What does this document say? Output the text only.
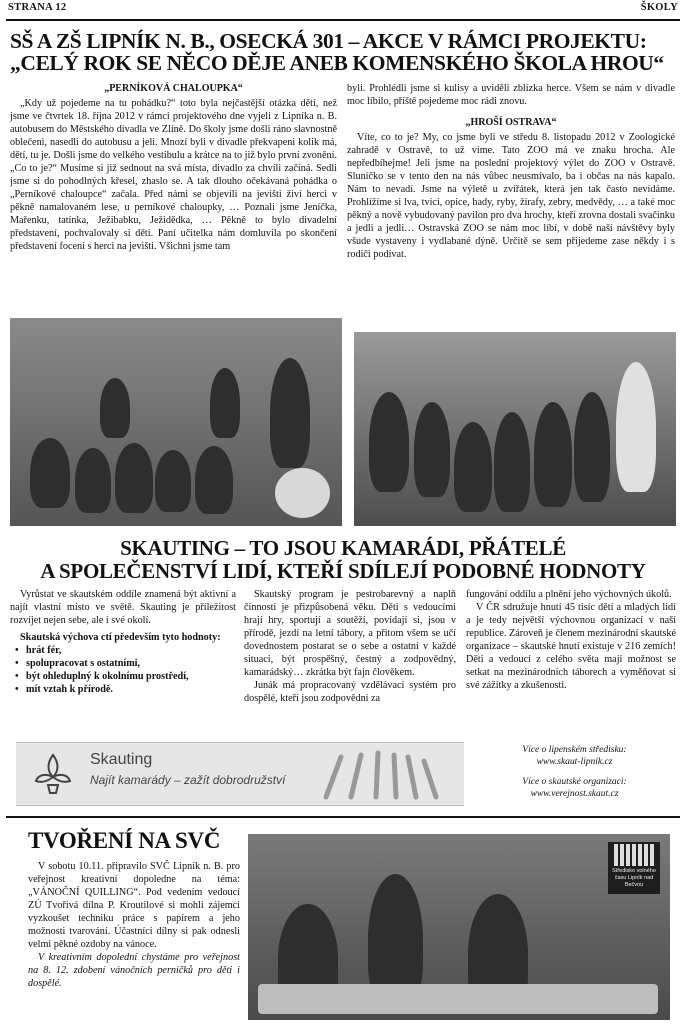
STRANA 12	ŠKOLY
SŠ A ZŠ LIPNÍK N. B., OSECKÁ 301 – AKCE V RÁMCI PROJEKTU:
„CELÝ ROK SE NĚCO DĚJE ANEB KOMENSKÉHO ŠKOLA HROU“
„PERNÍKOVÁ CHALOUPKA“

„Kdy už pojedeme na tu pohádku?“ toto byla nejčastější otázka dětí, než jsme ve čtvrtek 18. října 2012 v rámci projektového dne vyjeli z Lipníka n. B. autobusem do Městského divadla ve Zlíně. Do školy jsme došli ráno slavnostně oblečeni, nasedli do autobusu a jeli. Mnozí byli v divadle překvapeni kolik má, dětí, tu je. Došli jsme do velkého vestibulu a krátce na to již bylo první zvonění. „Co to je?“ Musíme si již sednout na svá místa, divadlo za chvíli začíná. Sedli jsme si do pohodlných křesel, zhaslo se. A tak dlouho očekávaná pohádka o „Perníkové chaloupce“ začala. Před námi se objevili na jevišti živí herci v pěkně namalovaném lese, u perníkové chaloupky, … Poznali jsme Jeníčka, Mařenku, tatínka, Ježibabku, Ježidědka, … Pěkně to bylo divadelní představení, pochvalovaly si děti. Paní učitelka nám domluvila po skončení představení focení s herci na jevišti. Všichni jsme tam

byli. Prohlédli jsme si kulisy a uviděli zblízka herce. Všem se nám v divadle moc líbilo, příště pojedeme moc rádi znovu.

„HROŠÍ OSTRAVA“

Víte, co to je? My, co jsme byli ve středu 8. listopadu 2012 v Zoologické zahradě v Ostravě, to už víme. Tato ZOO má ve znaku hrocha. Ale nepředbíhejme! Jeli jsme na poslední projektový výlet do ZOO v Ostravě. Sluníčko se v tento den na nás vůbec neusmívalo, ba i občas na nás kapalo. Nám to nevadí. Jsme na výletě u zvířátek, která jen tak často nevídáme. Prohlížíme si lva, tvíci, opice, hady, ryby, žirafy, zebry, medvědy, … a také moc pěkný a nově vybudovaný pavilon pro dva hrochy, kteří zrovna dostali svačinku a jedli a jedli… Ostravská ZOO se nám moc líbí, v době naší návštěvy byly všude vystaveny i vydlabané dýně. Určitě se sem přijedeme zase někdy i s rodiči podívat.

SKAUTING – TO JSOU KAMARÁDI, PŘÁTELÉ
A SPOLEČENSTVÍ LIDÍ, KTEŘÍ SDÍLEJÍ PODOBNÉ HODNOTY

Vyrůstat ve skautském oddíle znamená být aktivní a najít vlastní místo ve světě. Skauting je příležitost rozvíjet nejen sebe, ale i své okolí.

Skautská výchova ctí především tyto hodnoty:

• hrát fér,
• spolupracovat s ostatními,
• být ohleduplný k okolnímu prostředí,
• mít vztah k přírodě.

Skautský program je pestrobarevný a naplň činností je přizpůsobená věku. Děti s vedoucími hrají hry, sportují a soutěží, povídají si, jsou v přírodě, jezdí na letní tábory, a přitom všem se učí dovednostem postarat se o sebe a ostatní v každé situaci, být prospěšný, čestný a zodpovědný, kamarádský… zkrátka být fajn člověkem.

Junák má propracovaný vzdělávací systém pro dospělé, kteří jsou zodpovědní za

fungování oddílu a plnění jeho výchovných úkolů.

V ČR sdružuje hnutí 45 tisíc dětí a mladých lidí a je tedy největší výchovnou organizací v naší republice. Zároveň je členem mezinárodní skautské organizace – skautské hnutí existuje v 216 zemích! Děti a vedoucí z celého světa mají možnost se setkat na mezinárodních táborech a vyměňovat si své zážitky a zkušenosti.

Skauting
Najít kamarády – zažít dobrodružství
Více o lipenském středisku:
www.skaut-lipnik.cz
Více o skautské organizaci:
www.verejnost.skaut.cz
TVOŘENÍ NA SVČ

V sobotu 10.11. připravilo SVČ Lipník n. B. pro veřejnost kreativní dopoledne na téma: „VÁNOČNÍ QUILLING“. Pod vedením vedoucí ZÚ Tvořivá dílna P. Kroutilové si mohli zájemci vyzkoušet techniku práce s papírem a jeho možnosti tvarování. Účastníci dílny si pak odnesli velmi pěkné ozdoby na vánoce.

V kreativním dopolední chystáme pro veřejnost na 8. 12. zdobení vánočních perníčků pro děti i dospělé.

Středisko volného času Lipník nad Bečvou
